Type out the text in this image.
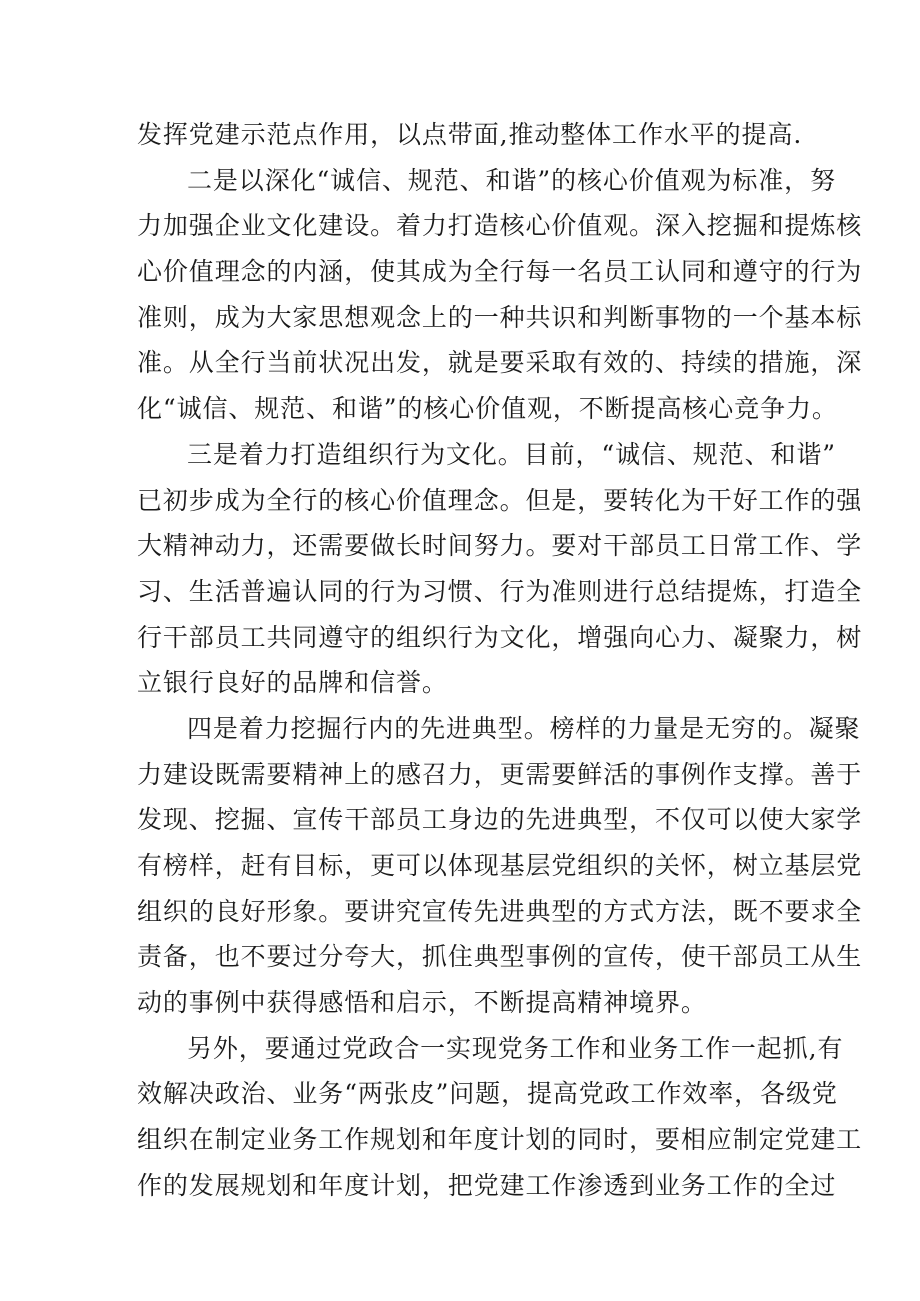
发挥党建示范点作用，以点带面,推动整体工作水平的提高.
二是以深化“诚信、规范、和谐”的核心价值观为标准，努
力加强企业文化建设。着力打造核心价值观。深入挖掘和提炼核
心价值理念的内涵，使其成为全行每一名员工认同和遵守的行为
准则，成为大家思想观念上的一种共识和判断事物的一个基本标
准。从全行当前状况出发，就是要采取有效的、持续的措施，深
化“诚信、规范、和谐”的核心价值观，不断提高核心竞争力。
三是着力打造组织行为文化。目前，“诚信、规范、和谐”
已初步成为全行的核心价值理念。但是，要转化为干好工作的强
大精神动力，还需要做长时间努力。要对干部员工日常工作、学
习、生活普遍认同的行为习惯、行为准则进行总结提炼，打造全
行干部员工共同遵守的组织行为文化，增强向心力、凝聚力，树
立银行良好的品牌和信誉。
四是着力挖掘行内的先进典型。榜样的力量是无穷的。凝聚
力建设既需要精神上的感召力，更需要鲜活的事例作支撑。善于
发现、挖掘、宣传干部员工身边的先进典型，不仅可以使大家学
有榜样，赶有目标，更可以体现基层党组织的关怀，树立基层党
组织的良好形象。要讲究宣传先进典型的方式方法，既不要求全
责备，也不要过分夸大，抓住典型事例的宣传，使干部员工从生
动的事例中获得感悟和启示，不断提高精神境界。
另外，要通过党政合一实现党务工作和业务工作一起抓,有
效解决政治、业务“两张皮”问题，提高党政工作效率，各级党
组织在制定业务工作规划和年度计划的同时，要相应制定党建工
作的发展规划和年度计划，把党建工作渗透到业务工作的全过
